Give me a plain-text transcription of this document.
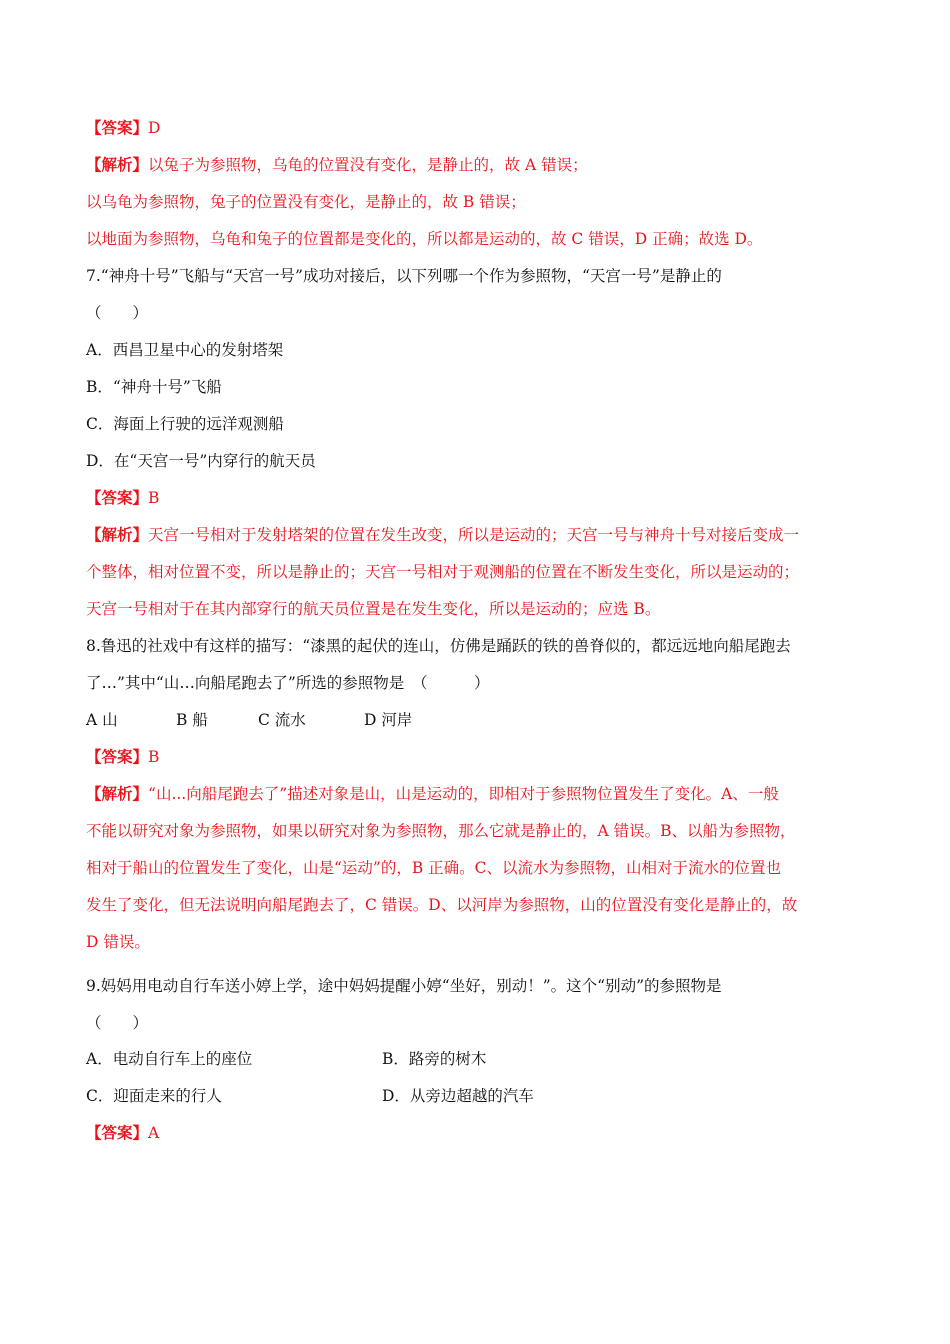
【答案】D
【解析】以兔子为参照物，乌龟的位置没有变化，是静止的，故 A 错误；
以乌龟为参照物，兔子的位置没有变化，是静止的，故 B 错误；
以地面为参照物，乌龟和兔子的位置都是变化的，所以都是运动的，故 C 错误，D 正确；故选 D。
7.“神舟十号”飞船与“天宫一号”成功对接后，以下列哪一个作为参照物，“天宫一号”是静止的
（　　）
A．西昌卫星中心的发射塔架
B．“神舟十号”飞船
C．海面上行驶的远洋观测船
D．在“天宫一号”内穿行的航天员
【答案】B
【解析】天宫一号相对于发射塔架的位置在发生改变，所以是运动的；天宫一号与神舟十号对接后变成一
个整体，相对位置不变，所以是静止的；天宫一号相对于观测船的位置在不断发生变化，所以是运动的；
天宫一号相对于在其内部穿行的航天员位置是在发生变化，所以是运动的；应选 B。
8.鲁迅的社戏中有这样的描写：“漆黑的起伏的连山，仿佛是踊跃的铁的兽脊似的，都远远地向船尾跑去
了…”其中“山…向船尾跑去了”所选的参照物是　（　　　）
A 山	B 船	C 流水	D 河岸
【答案】B
【解析】“山...向船尾跑去了”描述对象是山，山是运动的，即相对于参照物位置发生了变化。A、一般
不能以研究对象为参照物，如果以研究对象为参照物，那么它就是静止的，A 错误。B、以船为参照物，
相对于船山的位置发生了变化，山是“运动”的，B 正确。C、以流水为参照物，山相对于流水的位置也
发生了变化，但无法说明向船尾跑去了，C 错误。D、以河岸为参照物，山的位置没有变化是静止的，故
D 错误。
9.妈妈用电动自行车送小婷上学，途中妈妈提醒小婷“坐好，别动！”。这个“别动”的参照物是
（　　）
A．电动自行车上的座位	B．路旁的树木
C．迎面走来的行人	D．从旁边超越的汽车
【答案】A
